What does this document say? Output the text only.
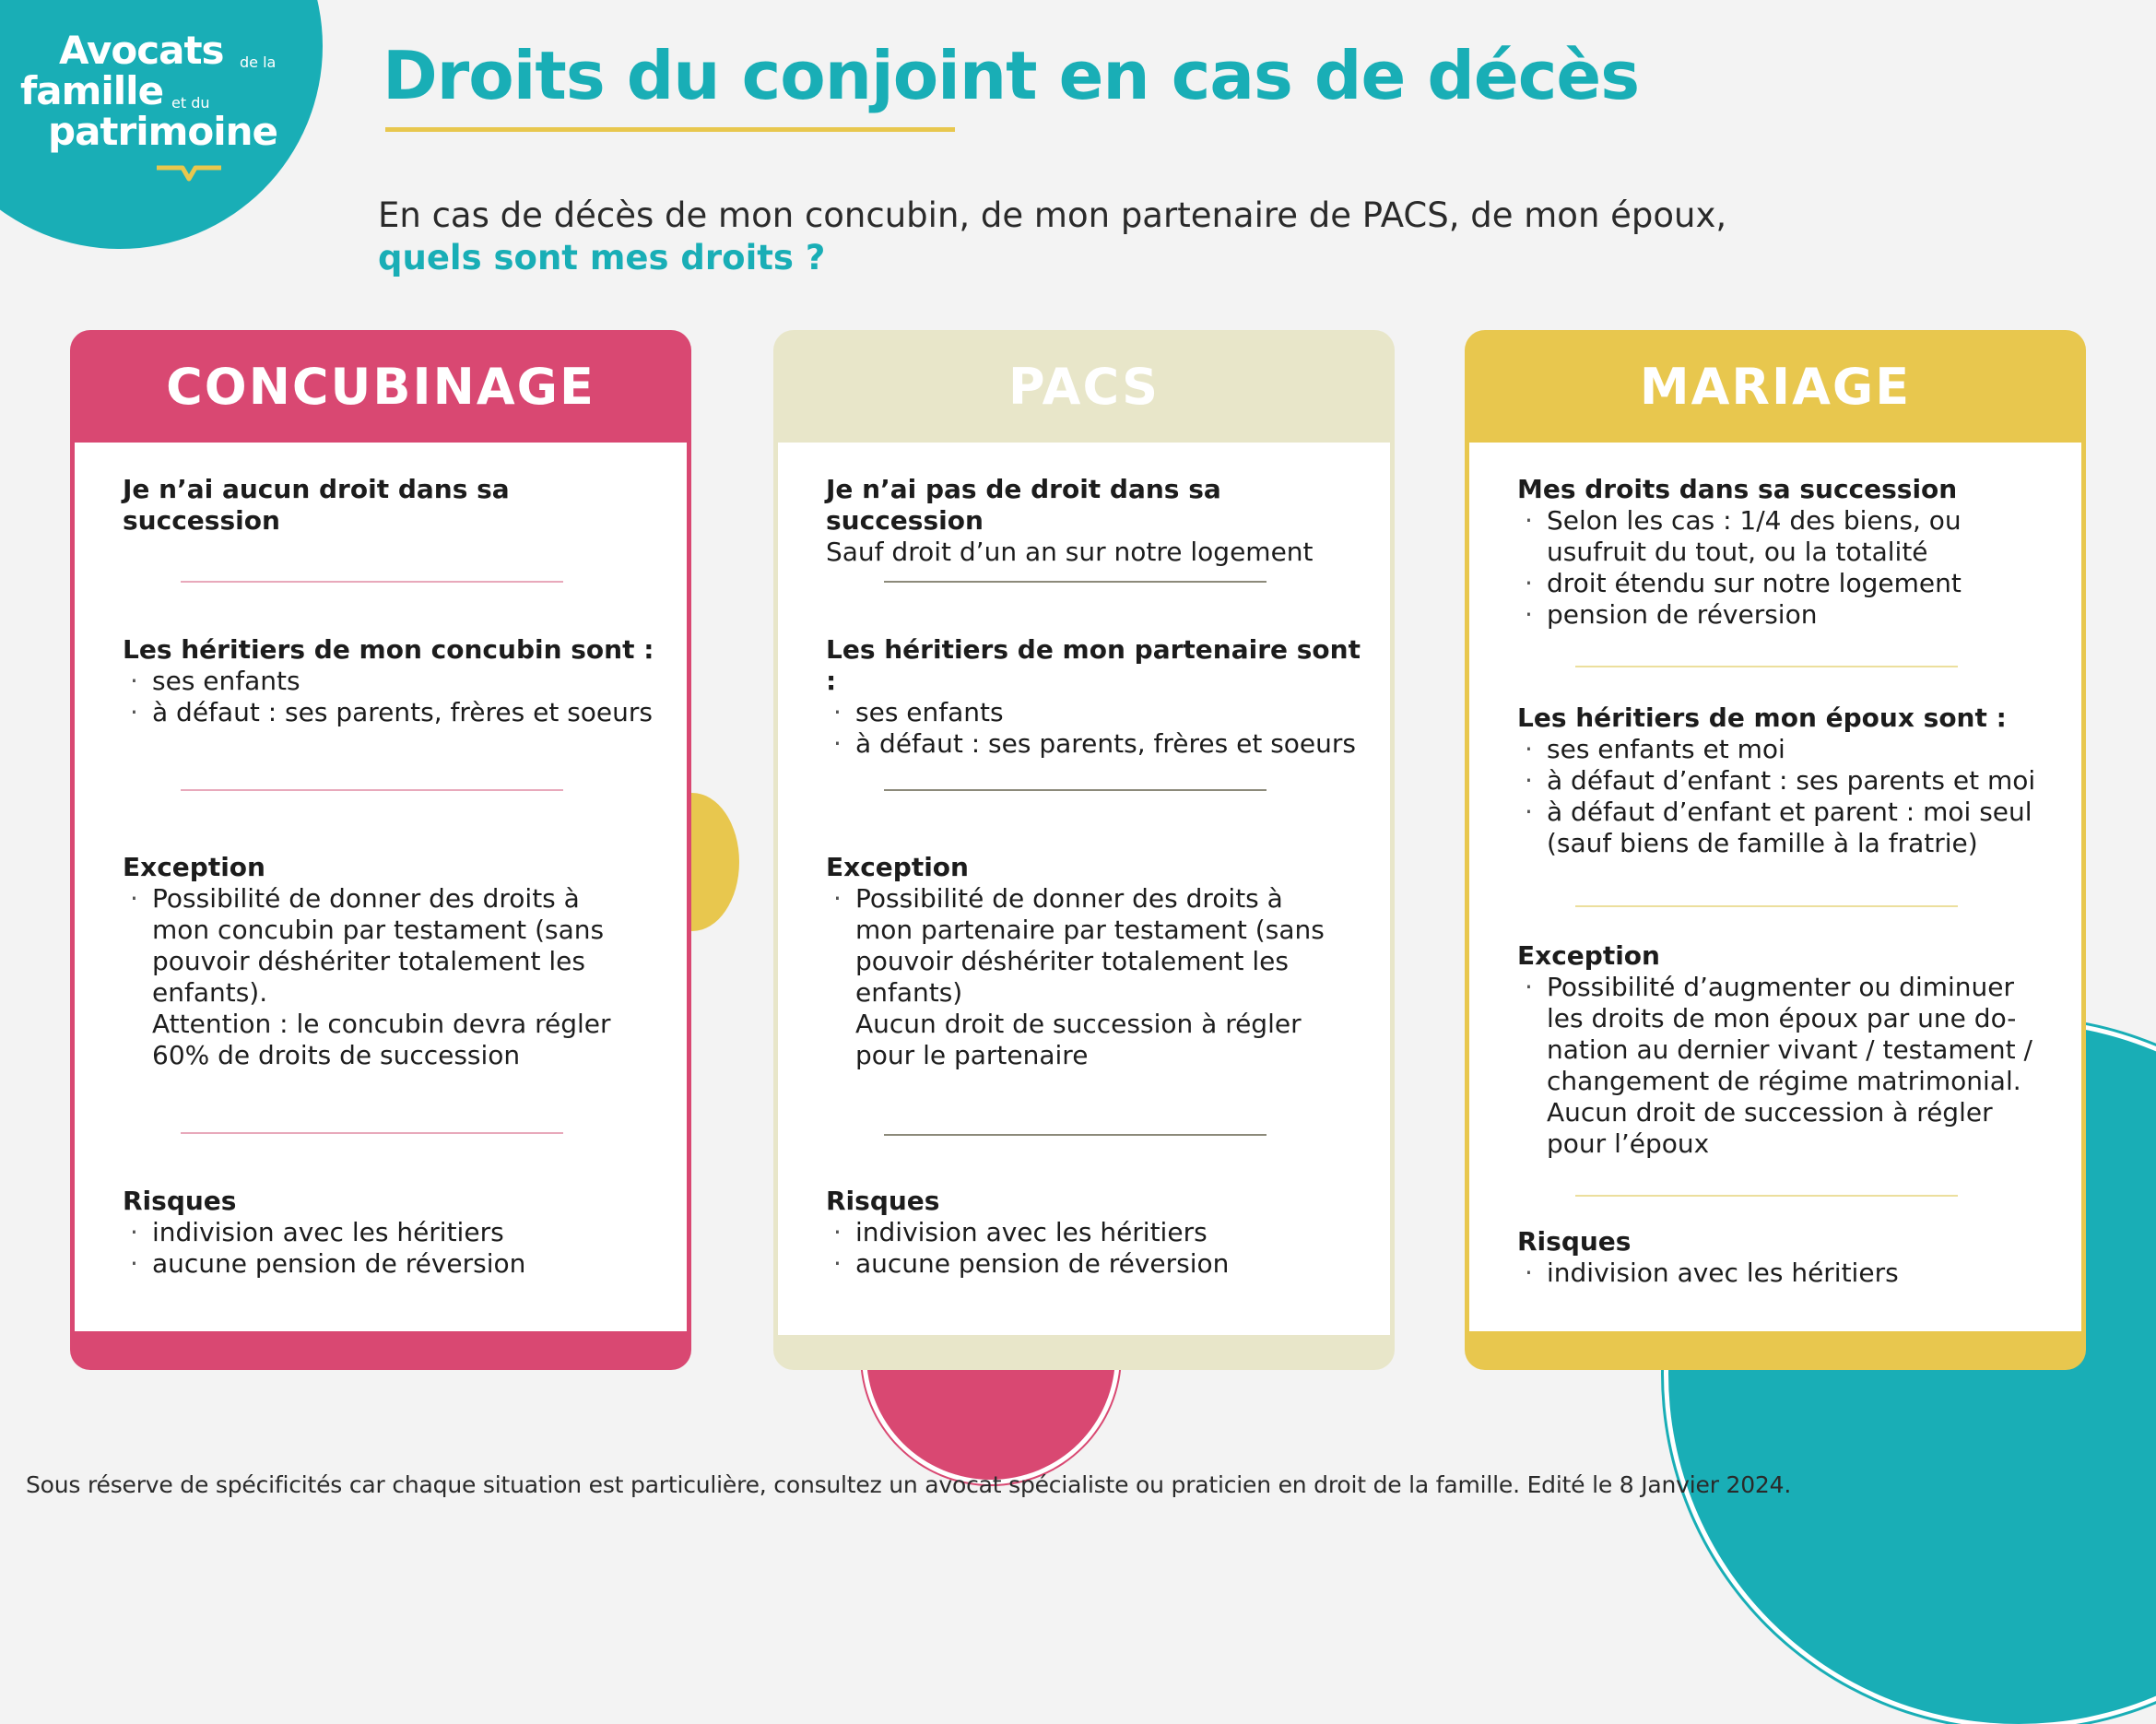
Avocats de la
famille et du
patrimoine
Droits du conjoint en cas de décès
En cas de décès de mon concubin, de mon partenaire de PACS, de mon époux,
quels sont mes droits ?
CONCUBINAGE
Je n’ai aucun droit dans sa succession
Les héritiers de mon concubin sont :
· ses enfants
· à défaut : ses parents, frères et soeurs
Exception
· Possibilité de donner des droits à
mon concubin par testament (sans
pouvoir déshériter totalement les
enfants).
Attention : le concubin devra régler
60% de droits de succession
Risques
· indivision avec les héritiers
· aucune pension de réversion
PACS
Je n’ai pas de droit dans sa succession
Sauf droit d’un an sur notre logement
Les héritiers de mon partenaire sont :
· ses enfants
· à défaut : ses parents, frères et soeurs
Exception
· Possibilité de donner des droits à
mon partenaire par testament (sans
pouvoir déshériter totalement les
enfants)
Aucun droit de succession à régler
pour le partenaire
Risques
· indivision avec les héritiers
· aucune pension de réversion
MARIAGE
Mes droits dans sa succession
· Selon les cas : 1/4 des biens, ou
usufruit du tout, ou la totalité
· droit étendu sur notre logement
· pension de réversion
Les héritiers de mon époux sont :
· ses enfants et moi
· à défaut d’enfant : ses parents et moi
· à défaut d’enfant et parent : moi seul
(sauf biens de famille à la fratrie)
Exception
· Possibilité d’augmenter ou diminuer
les droits de mon époux par une do-
nation au dernier vivant / testament /
changement de régime matrimonial.
Aucun droit de succession à régler
pour l’époux
Risques
· indivision avec les héritiers
Sous réserve de spécificités car chaque situation est particulière, consultez un avocat spécialiste ou praticien en droit de la famille. Edité le 8 Janvier 2024.
